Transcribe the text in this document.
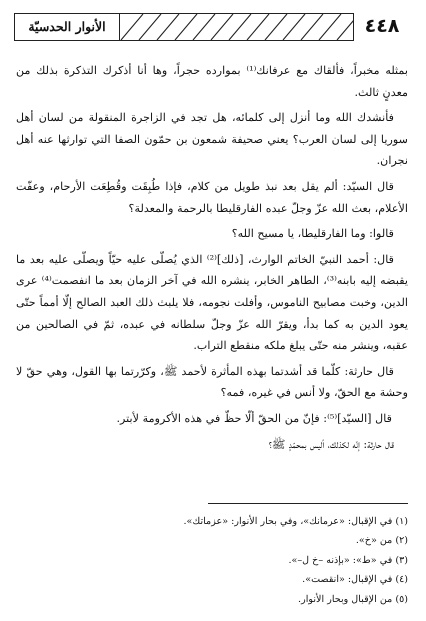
٤٤٨
الأنوار الحدسيّة

بمثله مخبراً، فألقاك مع عرفانك⁽¹⁾ بموارده حجراً، وها أنا أذكرك التذكرة بذلك من معدنٍ ثالث.

فأنشدك الله وما أنزل إلى كلمائه، هل تجد في الزاجرة المنقولة من لسان أهل سوريا إلى لسان العرب؟ يعني صحيفة شمعون بن حمّون الصفا التي توارثها عنه أهل نجران.

قال السيّد: ألم يقل بعد نبذ طويل من كلام، فإذا طُبِقَت وقُطِعَت الأرحام، وعفّت الأعلام، بعث الله عزّ وجلّ عبده الفارقليطا بالرحمة والمعدلة؟

قالوا: وما الفارقليطا، يا مسيح الله؟

قال: أحمد النبيّ الخاتم الوارث، [ذلك]⁽²⁾ الذي يُصلّى عليه حيّاً ويصلّى عليه بعد ما يقبضه إليه بابنه⁽³⁾، الطاهر الخابر، ينشره الله في آخر الزمان بعد ما انفصمت⁽⁴⁾ عرى الدين، وخبت مصابيح الناموس، وأفلت نجومه، فلا يلبث ذلك العبد الصالح إلّا أمماً حتّى يعود الدين به كما بدأ، ويقرّ الله عزّ وجلّ سلطانه في عبده، ثمّ في الصالحين من عقبه، وينشر منه حتّى يبلغ ملكه منقطع التراب.

قال حارثة: كلّما قد أشدتما بهذه المأثرة لأحمد ﷺ، وكرّرتما بها القول، وهي حقّ لا وحشة مع الحقّ، ولا أنس في غيره، فمه؟

قال [السيّد]⁽⁵⁾: فإنّ من الحقّ ألّا حظّ في هذه الأكرومة لأبتر.

قال حارثة: إنّه لكذلك، أليس بمحمّدٍ ﷺ؟

(١) في الإقبال: «عرمانك»، وفي بحار الأنوار: «عزماتك».
(٢) من «خ».
(٣) في «ط»: «بإذنه –خ ل–».
(٤) في الإقبال: «انقصت».
(٥) من الإقبال وبحار الأنوار.
